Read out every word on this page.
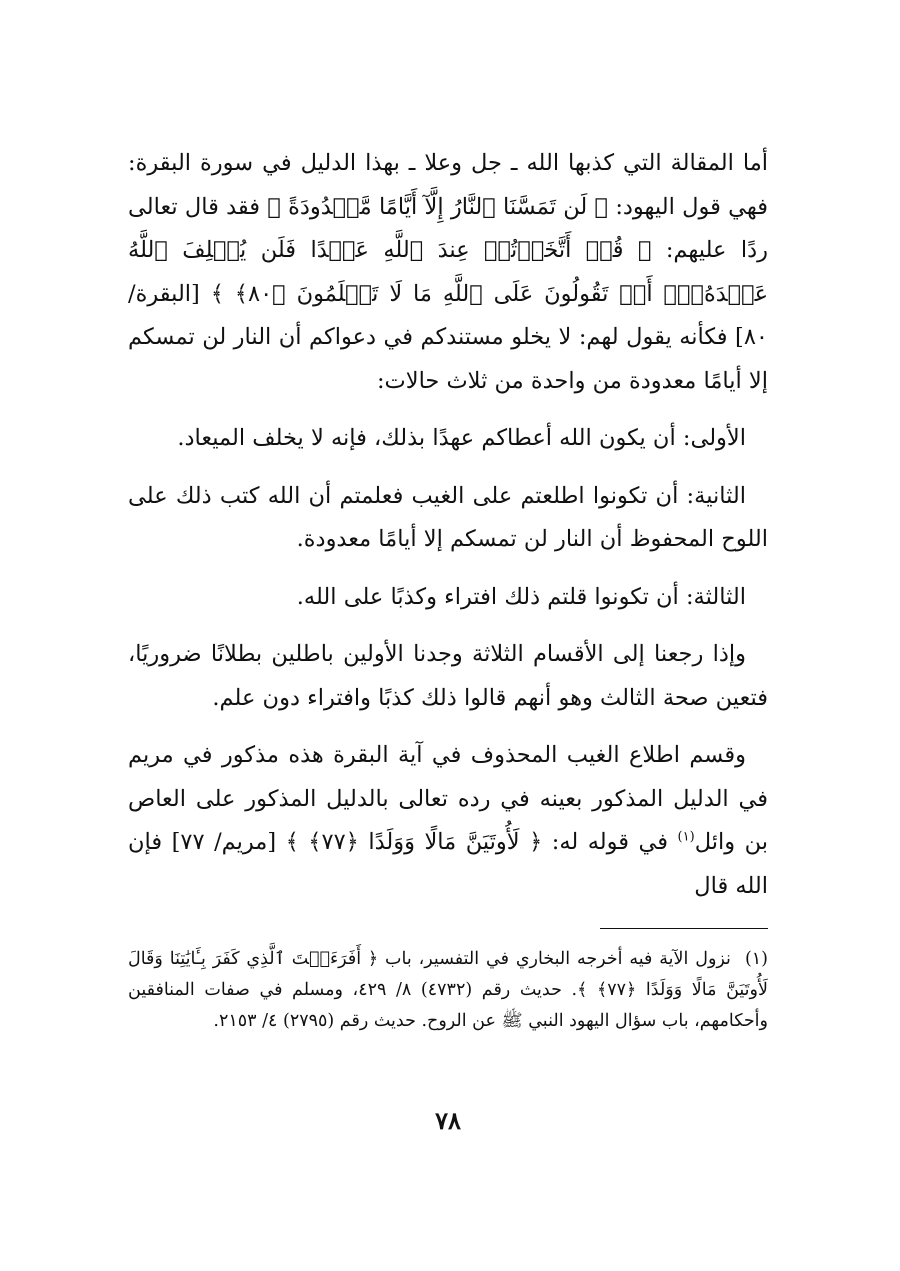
أما المقالة التي كذبها الله ـ جل وعلا ـ بهذا الدليل في سورة البقرة: فهي قول اليهود: ﴿ لَن تَمَسَّنَا ٱلنَّارُ إِلَّآ أَيَّامًا مَّعۡدُودَةً ﴾ فقد قال تعالى ردًا عليهم: ﴿ قُلۡ أَتَّخَذۡتُمۡ عِندَ ٱللَّهِ عَهۡدًا فَلَن يُخۡلِفَ ٱللَّهُ عَهۡدَهُۥٓۖ أَمۡ تَقُولُونَ عَلَى ٱللَّهِ مَا لَا تَعۡلَمُونَ ﴿٨٠﴾ ﴾ [البقرة/ ٨٠] فكأنه يقول لهم: لا يخلو مستندكم في دعواكم أن النار لن تمسكم إلا أيامًا معدودة من واحدة من ثلاث حالات:

الأولى: أن يكون الله أعطاكم عهدًا بذلك، فإنه لا يخلف الميعاد.

الثانية: أن تكونوا اطلعتم على الغيب فعلمتم أن الله كتب ذلك على اللوح المحفوظ أن النار لن تمسكم إلا أيامًا معدودة.

الثالثة: أن تكونوا قلتم ذلك افتراء وكذبًا على الله.

وإذا رجعنا إلى الأقسام الثلاثة وجدنا الأولين باطلين بطلانًا ضروريًا، فتعين صحة الثالث وهو أنهم قالوا ذلك كذبًا وافتراء دون علم.

وقسم اطلاع الغيب المحذوف في آية البقرة هذه مذكور في مريم في الدليل المذكور بعينه في رده تعالى بالدليل المذكور على العاص بن وائل$^{(١)}$ في قوله له: ﴿ لَأُوتَيَنَّ مَالًا وَوَلَدًا ﴿٧٧﴾ ﴾ [مريم/ ٧٧] فإن الله قال

(١)نزول الآية فيه أخرجه البخاري في التفسير، باب ﴿ أَفَرَءَيۡتَ ٱلَّذِي كَفَرَ بِـَٔايَٰتِنَا وَقَالَ لَأُوتَيَنَّ مَالًا وَوَلَدًا ﴿٧٧﴾ ﴾. حديث رقم (٤٧٣٢) ٨/ ٤٢٩، ومسلم في صفات المنافقين وأحكامهم، باب سؤال اليهود النبي ﷺ عن الروح. حديث رقم (٢٧٩٥) ٤/ ٢١٥٣.
٧٨
